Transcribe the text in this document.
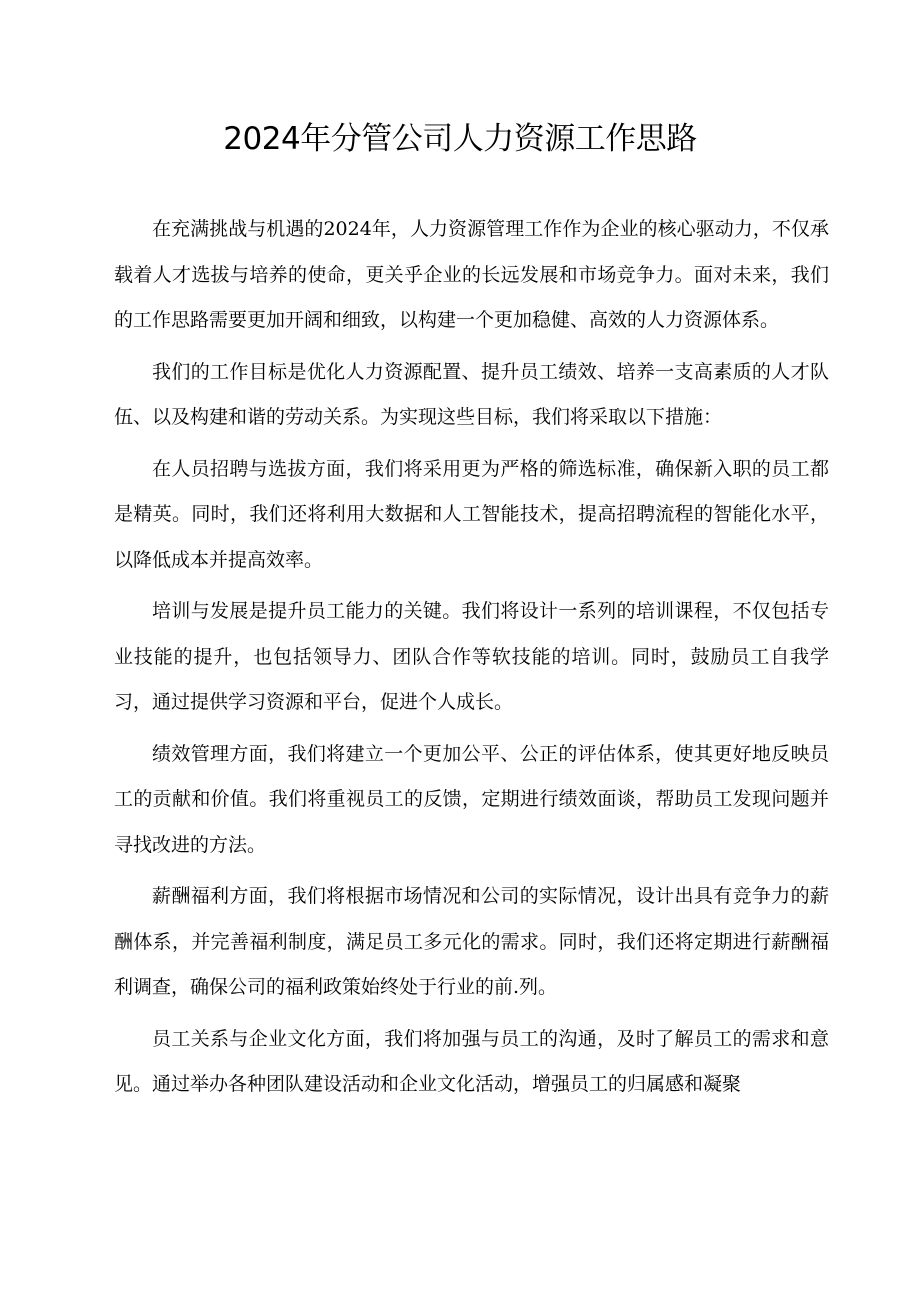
2024年分管公司人力资源工作思路

在充满挑战与机遇的2024年，人力资源管理工作作为企业的核心驱动力，不仅承载着人才选拔与培养的使命，更关乎企业的长远发展和市场竞争力。面对未来，我们的工作思路需要更加开阔和细致，以构建一个更加稳健、高效的人力资源体系。

我们的工作目标是优化人力资源配置、提升员工绩效、培养一支高素质的人才队伍、以及构建和谐的劳动关系。为实现这些目标，我们将采取以下措施：

在人员招聘与选拔方面，我们将采用更为严格的筛选标准，确保新入职的员工都是精英。同时，我们还将利用大数据和人工智能技术，提高招聘流程的智能化水平，以降低成本并提高效率。

培训与发展是提升员工能力的关键。我们将设计一系列的培训课程，不仅包括专业技能的提升，也包括领导力、团队合作等软技能的培训。同时，鼓励员工自我学习，通过提供学习资源和平台，促进个人成长。

绩效管理方面，我们将建立一个更加公平、公正的评估体系，使其更好地反映员工的贡献和价值。我们将重视员工的反馈，定期进行绩效面谈，帮助员工发现问题并寻找改进的方法。

薪酬福利方面，我们将根据市场情况和公司的实际情况，设计出具有竞争力的薪酬体系，并完善福利制度，满足员工多元化的需求。同时，我们还将定期进行薪酬福利调查，确保公司的福利政策始终处于行业的前.列。

员工关系与企业文化方面，我们将加强与员工的沟通，及时了解员工的需求和意见。通过举办各种团队建设活动和企业文化活动，增强员工的归属感和凝聚
